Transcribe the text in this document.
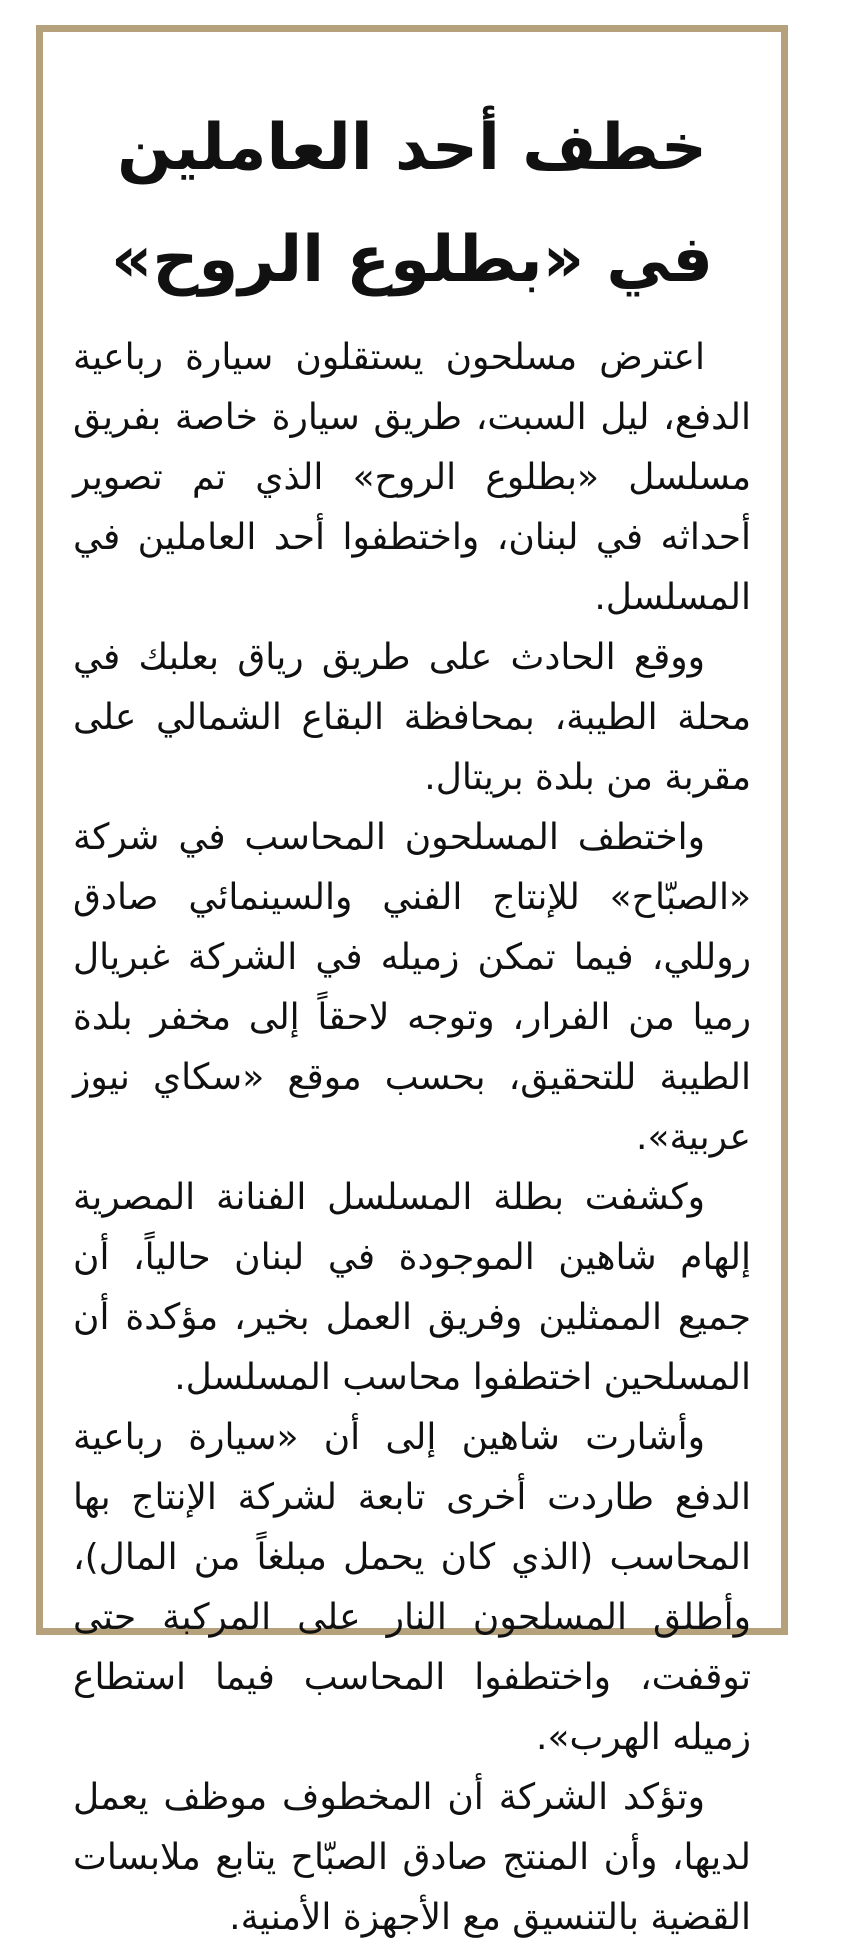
خطف أحد العاملين
في «بطلوع الروح»

اعترض مسلحون يستقلون سيارة رباعية الدفع، ليل السبت، طريق سيارة خاصة بفريق مسلسل «بطلوع الروح» الذي تم تصوير أحداثه في لبنان، واختطفوا أحد العاملين في المسلسل.

ووقع الحادث على طريق رياق بعلبك في محلة الطيبة، بمحافظة البقاع الشمالي على مقربة من بلدة بريتال.

واختطف المسلحون المحاسب في شركة «الصبّاح» للإنتاج الفني والسينمائي صادق روللي، فيما تمكن زميله في الشركة غبريال رميا من الفرار، وتوجه لاحقاً إلى مخفر بلدة الطيبة للتحقيق، بحسب موقع «سكاي نيوز عربية».

وكشفت بطلة المسلسل الفنانة المصرية إلهام شاهين الموجودة في لبنان حالياً، أن جميع الممثلين وفريق العمل بخير، مؤكدة أن المسلحين اختطفوا محاسب المسلسل.

وأشارت شاهين إلى أن «سيارة رباعية الدفع طاردت أخرى تابعة لشركة الإنتاج بها المحاسب (الذي كان يحمل مبلغاً من المال)، وأطلق المسلحون النار على المركبة حتى توقفت، واختطفوا المحاسب فيما استطاع زميله الهرب».

وتؤكد الشركة أن المخطوف موظف يعمل لديها، وأن المنتج صادق الصبّاح يتابع ملابسات القضية بالتنسيق مع الأجهزة الأمنية.
